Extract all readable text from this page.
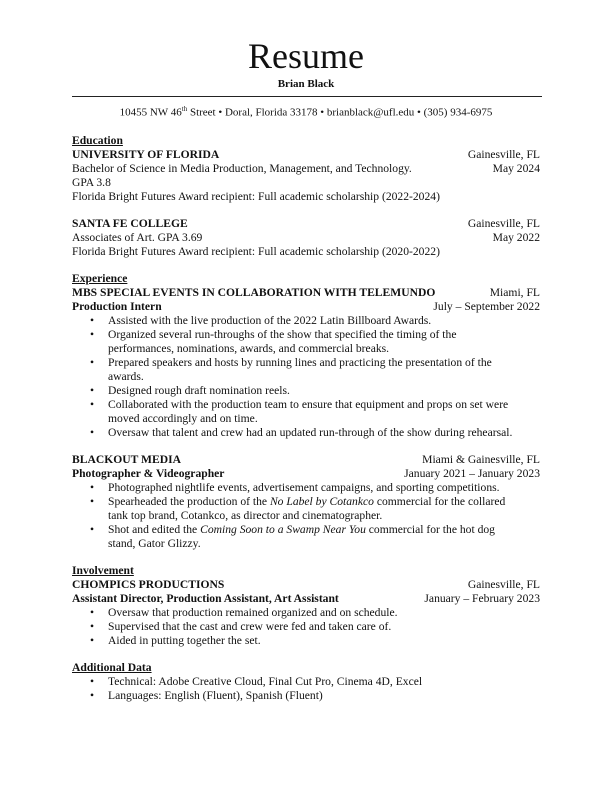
Resume
Brian Black
10455 NW 46th Street • Doral, Florida 33178 • brianblack@ufl.edu • (305) 934-6975
Education
UNIVERSITY OF FLORIDA	Gainesville, FL
Bachelor of Science in Media Production, Management, and Technology.	May 2024
GPA 3.8
Florida Bright Futures Award recipient: Full academic scholarship (2022-2024)
SANTA FE COLLEGE	Gainesville, FL
Associates of Art. GPA 3.69	May 2022
Florida Bright Futures Award recipient: Full academic scholarship (2020-2022)
Experience
MBS SPECIAL EVENTS IN COLLABORATION WITH TELEMUNDO	Miami, FL
Production Intern	July – September 2022
• Assisted with the live production of the 2022 Latin Billboard Awards.
• Organized several run-throughs of the show that specified the timing of the
performances, nominations, awards, and commercial breaks.
• Prepared speakers and hosts by running lines and practicing the presentation of the
awards.
• Designed rough draft nomination reels.
• Collaborated with the production team to ensure that equipment and props on set were
moved accordingly and on time.
• Oversaw that talent and crew had an updated run-through of the show during rehearsal.
BLACKOUT MEDIA	Miami & Gainesville, FL
Photographer & Videographer	January 2021 – January 2023
• Photographed nightlife events, advertisement campaigns, and sporting competitions.
• Spearheaded the production of the No Label by Cotankco commercial for the collared
tank top brand, Cotankco, as director and cinematographer.
• Shot and edited the Coming Soon to a Swamp Near You commercial for the hot dog
stand, Gator Glizzy.
Involvement
CHOMPICS PRODUCTIONS	Gainesville, FL
Assistant Director, Production Assistant, Art Assistant	January – February 2023
• Oversaw that production remained organized and on schedule.
• Supervised that the cast and crew were fed and taken care of.
• Aided in putting together the set.
Additional Data
• Technical: Adobe Creative Cloud, Final Cut Pro, Cinema 4D, Excel
• Languages: English (Fluent), Spanish (Fluent)
